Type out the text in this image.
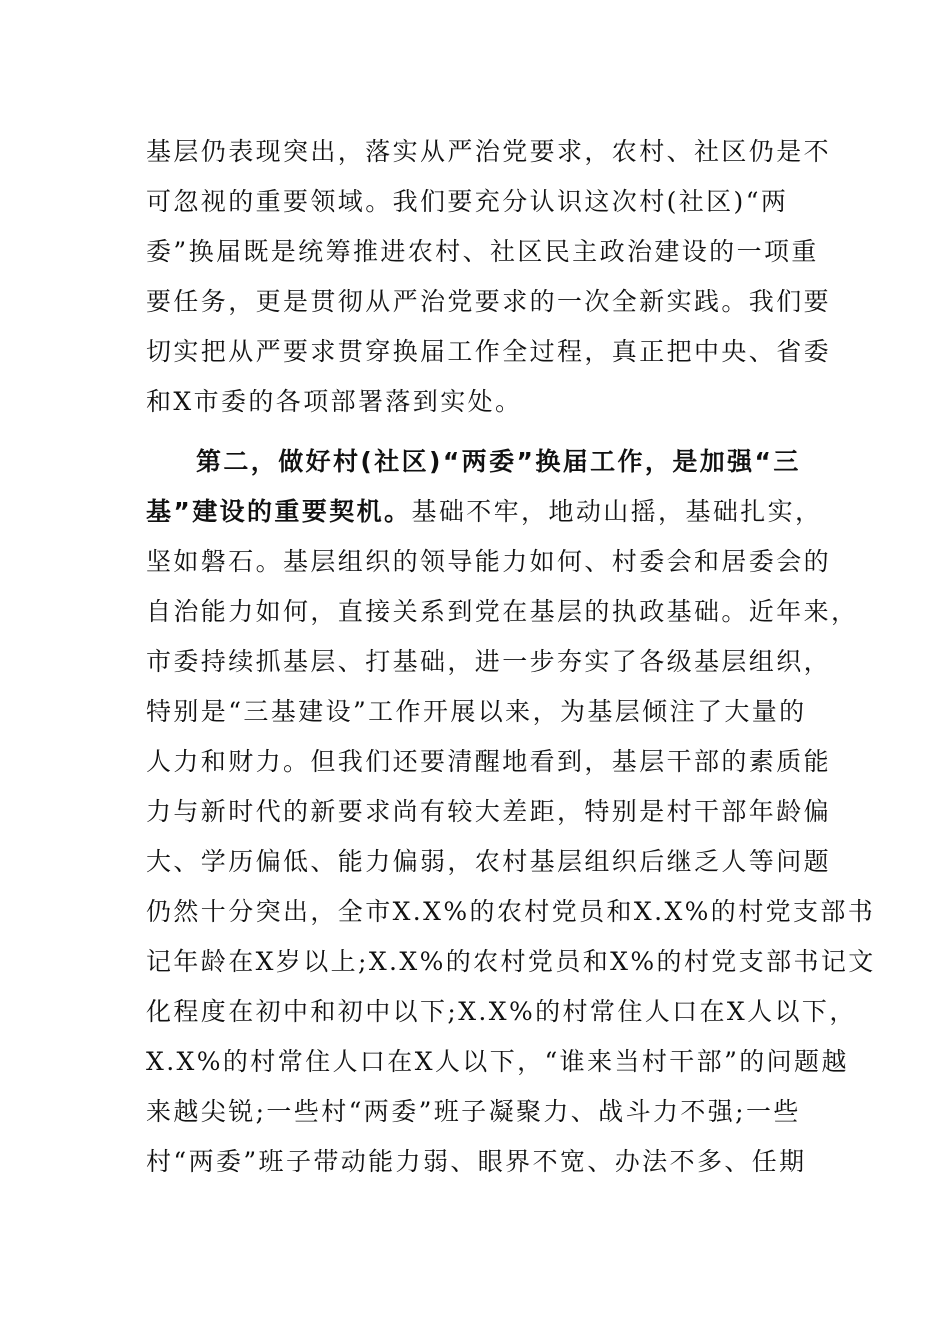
基层仍表现突出，落实从严治党要求，农村、社区仍是不
可忽视的重要领域。我们要充分认识这次村(社区)“两
委”换届既是统筹推进农村、社区民主政治建设的一项重
要任务，更是贯彻从严治党要求的一次全新实践。我们要
切实把从严要求贯穿换届工作全过程，真正把中央、省委
和X市委的各项部署落到实处。
第二，做好村(社区)“两委”换届工作，是加强“三
基”建设的重要契机。基础不牢，地动山摇，基础扎实，
坚如磐石。基层组织的领导能力如何、村委会和居委会的
自治能力如何，直接关系到党在基层的执政基础。近年来，
市委持续抓基层、打基础，进一步夯实了各级基层组织，
特别是“三基建设”工作开展以来，为基层倾注了大量的
人力和财力。但我们还要清醒地看到，基层干部的素质能
力与新时代的新要求尚有较大差距，特别是村干部年龄偏
大、学历偏低、能力偏弱，农村基层组织后继乏人等问题
仍然十分突出，全市X.X%的农村党员和X.X%的村党支部书
记年龄在X岁以上;X.X%的农村党员和X%的村党支部书记文
化程度在初中和初中以下;X.X%的村常住人口在X人以下，
X.X%的村常住人口在X人以下，“谁来当村干部”的问题越
来越尖锐;一些村“两委”班子凝聚力、战斗力不强;一些
村“两委”班子带动能力弱、眼界不宽、办法不多、任期
